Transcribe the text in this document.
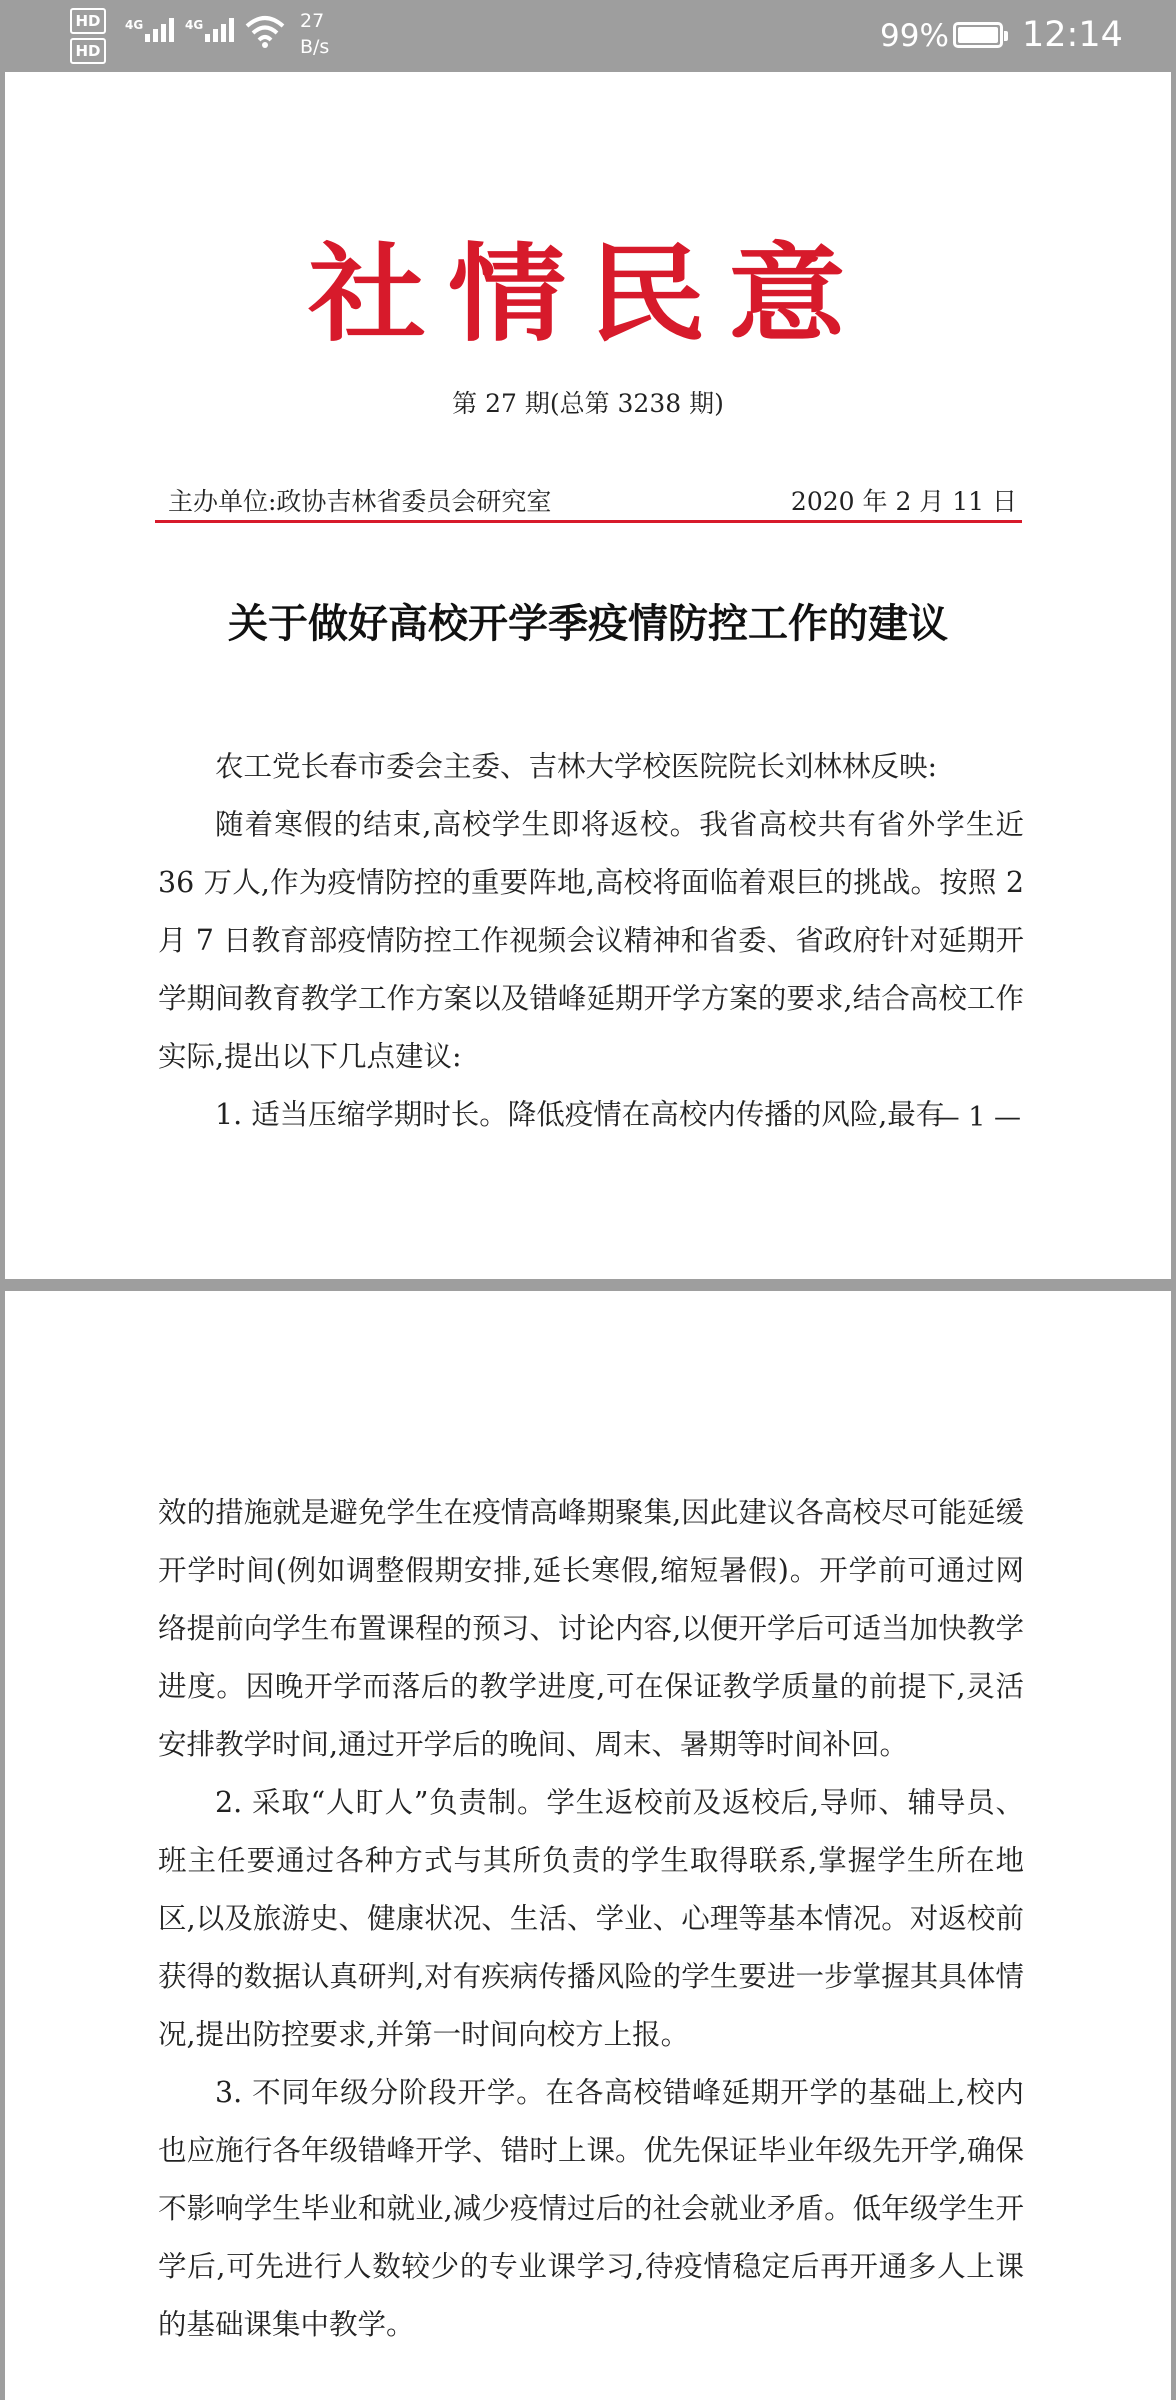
HD
HD
4G	4G	27
B/s	99% 12:14
社情民意
第 27 期(总第 3238 期)
主办单位:政协吉林省委员会研究室	2020 年 2 月 11 日
关于做好高校开学季疫情防控工作的建议

农工党长春市委会主委、吉林大学校医院院长刘林林反映:

随着寒假的结束,高校学生即将返校。我省高校共有省外学生近 36 万人,作为疫情防控的重要阵地,高校将面临着艰巨的挑战。按照 2 月 7 日教育部疫情防控工作视频会议精神和省委、省政府针对延期开学期间教育教学工作方案以及错峰延期开学方案的要求,结合高校工作实际,提出以下几点建议:

1. 适当压缩学期时长。降低疫情在高校内传播的风险,最有

— 1 —

效的措施就是避免学生在疫情高峰期聚集,因此建议各高校尽可能延缓开学时间(例如调整假期安排,延长寒假,缩短暑假)。开学前可通过网络提前向学生布置课程的预习、讨论内容,以便开学后可适当加快教学进度。因晚开学而落后的教学进度,可在保证教学质量的前提下,灵活安排教学时间,通过开学后的晚间、周末、暑期等时间补回。

2. 采取“人盯人”负责制。学生返校前及返校后,导师、辅导员、班主任要通过各种方式与其所负责的学生取得联系,掌握学生所在地区,以及旅游史、健康状况、生活、学业、心理等基本情况。对返校前获得的数据认真研判,对有疾病传播风险的学生要进一步掌握其具体情况,提出防控要求,并第一时间向校方上报。

3. 不同年级分阶段开学。在各高校错峰延期开学的基础上,校内也应施行各年级错峰开学、错时上课。优先保证毕业年级先开学,确保不影响学生毕业和就业,减少疫情过后的社会就业矛盾。低年级学生开学后,可先进行人数较少的专业课学习,待疫情稳定后再开通多人上课的基础课集中教学。
